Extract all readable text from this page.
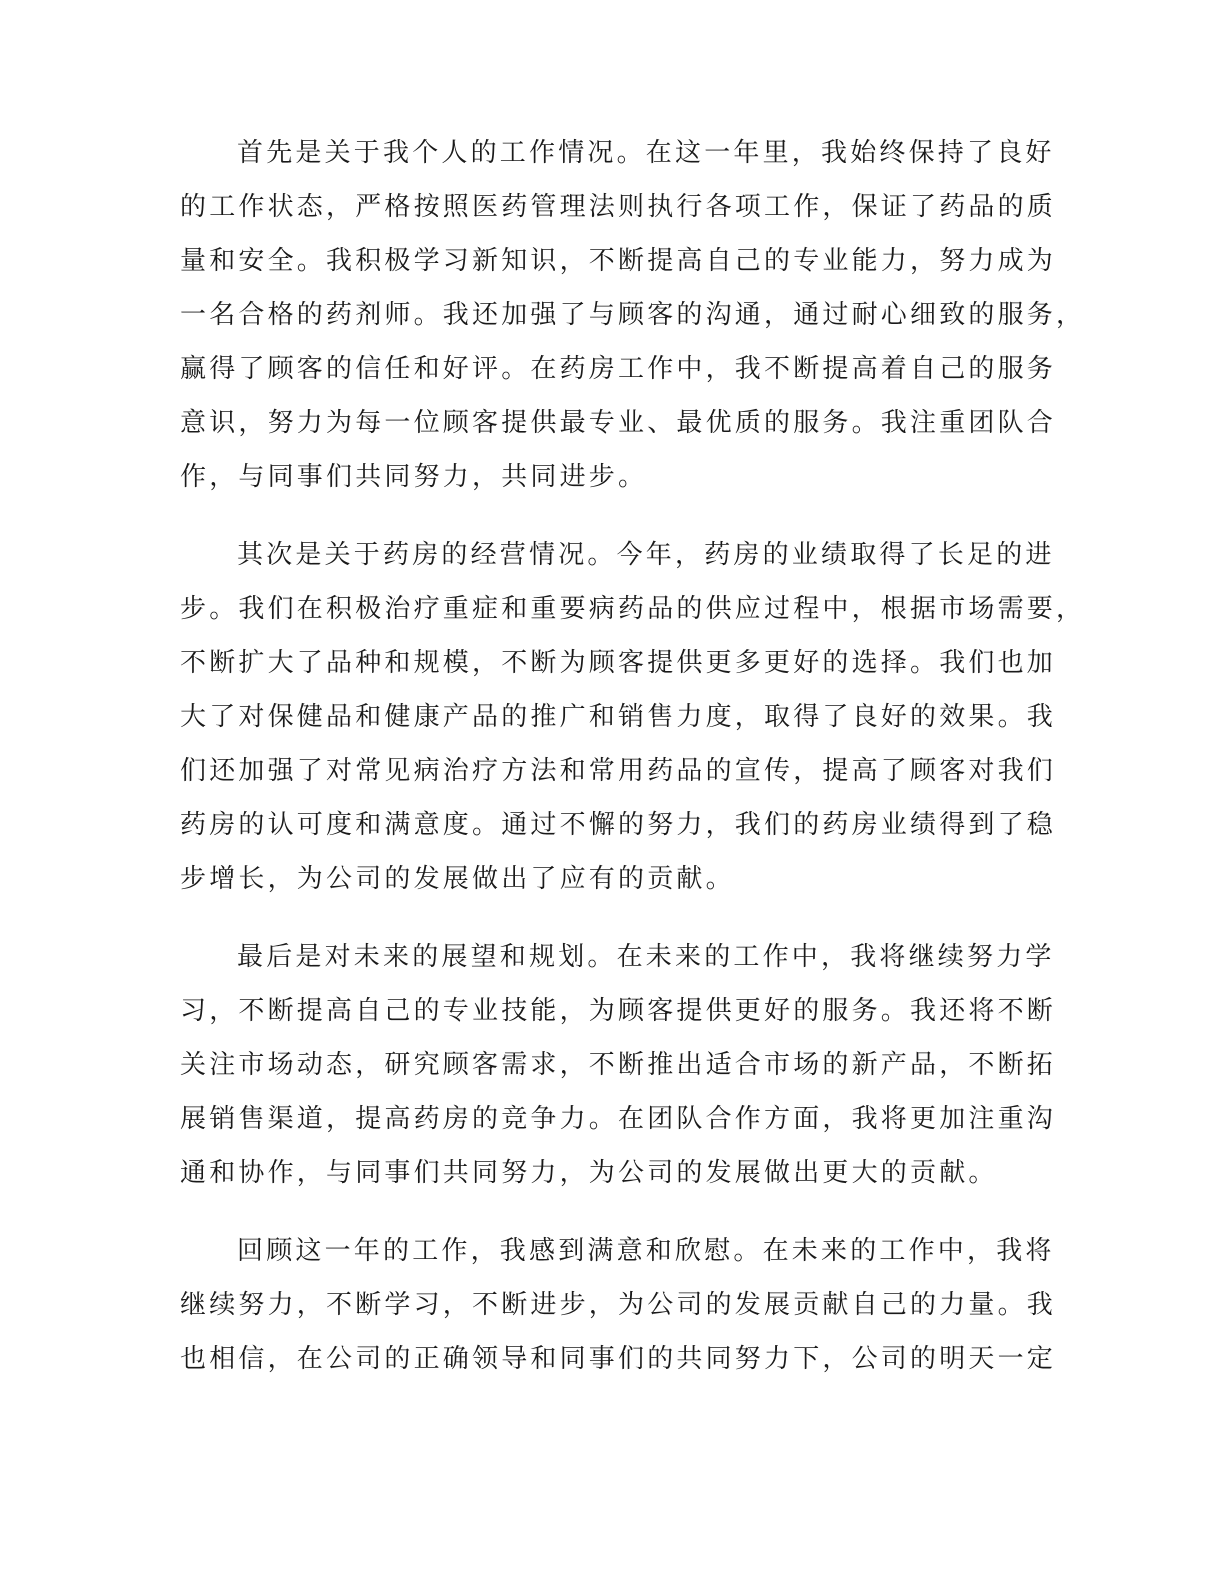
首先是关于我个人的工作情况。在这一年里，我始终保持了良好
的工作状态，严格按照医药管理法则执行各项工作，保证了药品的质
量和安全。我积极学习新知识，不断提高自己的专业能力，努力成为
一名合格的药剂师。我还加强了与顾客的沟通，通过耐心细致的服务，
赢得了顾客的信任和好评。在药房工作中，我不断提高着自己的服务
意识，努力为每一位顾客提供最专业、最优质的服务。我注重团队合
作，与同事们共同努力，共同进步。
其次是关于药房的经营情况。今年，药房的业绩取得了长足的进
步。我们在积极治疗重症和重要病药品的供应过程中，根据市场需要，
不断扩大了品种和规模，不断为顾客提供更多更好的选择。我们也加
大了对保健品和健康产品的推广和销售力度，取得了良好的效果。我
们还加强了对常见病治疗方法和常用药品的宣传，提高了顾客对我们
药房的认可度和满意度。通过不懈的努力，我们的药房业绩得到了稳
步增长，为公司的发展做出了应有的贡献。
最后是对未来的展望和规划。在未来的工作中，我将继续努力学
习，不断提高自己的专业技能，为顾客提供更好的服务。我还将不断
关注市场动态，研究顾客需求，不断推出适合市场的新产品，不断拓
展销售渠道，提高药房的竞争力。在团队合作方面，我将更加注重沟
通和协作，与同事们共同努力，为公司的发展做出更大的贡献。
回顾这一年的工作，我感到满意和欣慰。在未来的工作中，我将
继续努力，不断学习，不断进步，为公司的发展贡献自己的力量。我
也相信，在公司的正确领导和同事们的共同努力下，公司的明天一定
